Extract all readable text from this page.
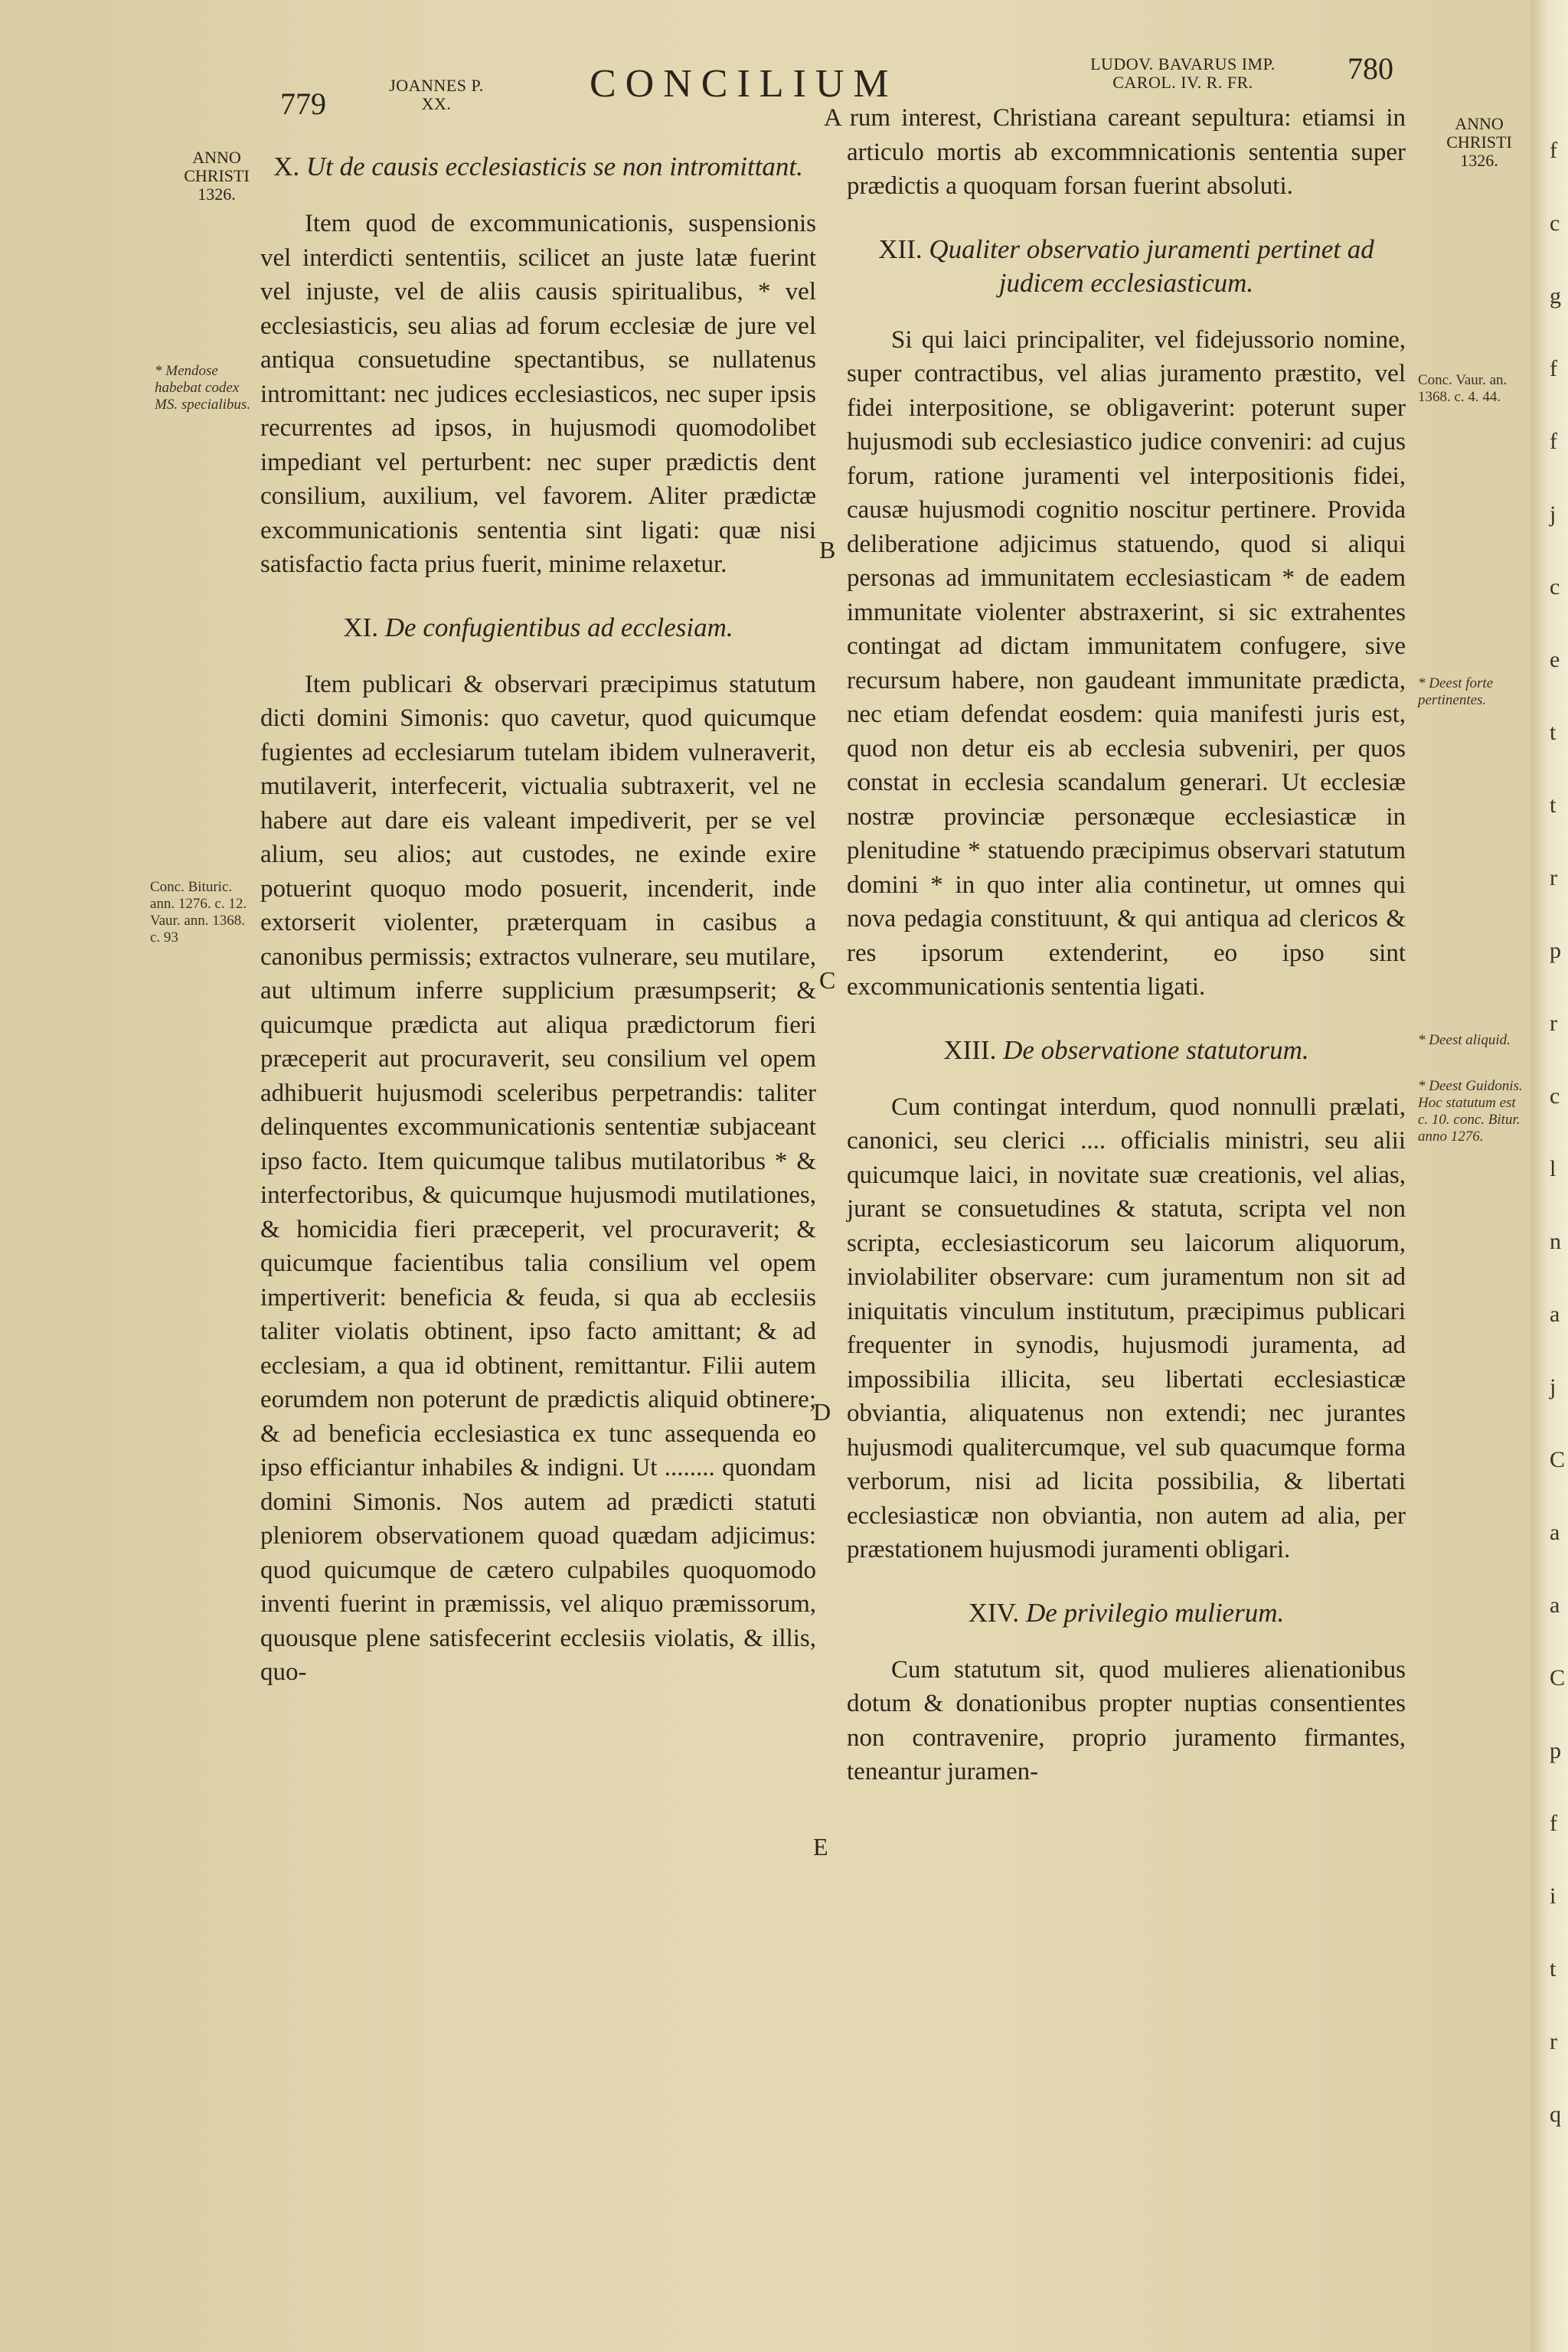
779
JOANNES P. XX.	CONCILIUM	LUDOV. BAVARUS IMP.
CAROL. IV. R. FR.	780
ANNO CHRISTI 1326.
* Mendose habebat codex MS. specialibus.
Conc. Bituric. ann. 1276. c. 12. Vaur. ann. 1368. c. 93
ANNO CHRISTI 1326.
Conc. Vaur. an. 1368. c. 4. 44.
* Deest forte pertinentes.
* Deest aliquid.
* Deest Guidonis. Hoc statutum est c. 10. conc. Bitur. anno 1276.
B
C
D
E
X. Ut de causis ecclesiasticis se non intromittant.

Item quod de excommunicationis, suspensionis vel interdicti sententiis, scilicet an juste latæ fuerint vel injuste, vel de aliis causis spiritualibus, * vel ecclesiasticis, seu alias ad forum ecclesiæ de jure vel antiqua consuetudine spectantibus, se nullatenus intromittant: nec judices ecclesiasticos, nec super ipsis recurrentes ad ipsos, in hujusmodi quomodolibet impediant vel perturbent: nec super prædictis dent consilium, auxilium, vel favorem. Aliter prædictæ excommunicationis sententia sint ligati: quæ nisi satisfactio facta prius fuerit, minime relaxetur.

XI. De confugientibus ad ecclesiam.

Item publicari & observari præcipimus statutum dicti domini Simonis: quo cavetur, quod quicumque fugientes ad ecclesiarum tutelam ibidem vulneraverit, mutilaverit, interfecerit, victualia subtraxerit, vel ne habere aut dare eis valeant impediverit, per se vel alium, seu alios; aut custodes, ne exinde exire potuerint quoquo modo posuerit, incenderit, inde extorserit violenter, præterquam in casibus a canonibus permissis; extractos vulnerare, seu mutilare, aut ultimum inferre supplicium præsumpserit; & quicumque prædicta aut aliqua prædictorum fieri præceperit aut procuraverit, seu consilium vel opem adhibuerit hujusmodi sceleribus perpetrandis: taliter delinquentes excommunicationis sententiæ subjaceant ipso facto. Item quicumque talibus mutilatoribus * & interfectoribus, & quicumque hujusmodi mutilationes, & homicidia fieri præceperit, vel procuraverit; & quicumque facientibus talia consilium vel opem impertiverit: beneficia & feuda, si qua ab ecclesiis taliter violatis obtinent, ipso facto amittant; & ad ecclesiam, a qua id obtinent, remittantur. Filii autem eorumdem non poterunt de prædictis aliquid obtinere; & ad beneficia ecclesiastica ex tunc assequenda eo ipso efficiantur inhabiles & indigni. Ut ........ quondam domini Simonis. Nos autem ad prædicti statuti pleniorem observationem quoad quædam adjicimus: quod quicumque de cætero culpabiles quoquomodo inventi fuerint in præmissis, vel aliquo præmissorum, quousque plene satisfecerint ecclesiis violatis, & illis, quo-

A rum interest, Christiana careant sepultura: etiamsi in articulo mortis ab excommnicationis sententia super prædictis a quoquam forsan fuerint absoluti.

XII. Qualiter observatio juramenti pertinet ad judicem ecclesiasticum.

Si qui laici principaliter, vel fidejussorio nomine, super contractibus, vel alias juramento præstito, vel fidei interpositione, se obligaverint: poterunt super hujusmodi sub ecclesiastico judice conveniri: ad cujus forum, ratione juramenti vel interpositionis fidei, causæ hujusmodi cognitio noscitur pertinere. Provida deliberatione adjicimus statuendo, quod si aliqui personas ad immunitatem ecclesiasticam * de eadem immunitate violenter abstraxerint, si sic extrahentes contingat ad dictam immunitatem confugere, sive recursum habere, non gaudeant immunitate prædicta, nec etiam defendat eosdem: quia manifesti juris est, quod non detur eis ab ecclesia subveniri, per quos constat in ecclesia scandalum generari. Ut ecclesiæ nostræ provinciæ personæque ecclesiasticæ in plenitudine * statuendo præcipimus observari statutum domini * in quo inter alia continetur, ut omnes qui nova pedagia constituunt, & qui antiqua ad clericos & res ipsorum extenderint, eo ipso sint excommunicationis sententia ligati.

XIII. De observatione statutorum.

Cum contingat interdum, quod nonnulli prælati, canonici, seu clerici .... officialis ministri, seu alii quicumque laici, in novitate suæ creationis, vel alias, jurant se consuetudines & statuta, scripta vel non scripta, ecclesiasticorum seu laicorum aliquorum, inviolabiliter observare: cum juramentum non sit ad iniquitatis vinculum institutum, præcipimus publicari frequenter in synodis, hujusmodi juramenta, ad impossibilia illicita, seu libertati ecclesiasticæ obviantia, aliquatenus non extendi; nec jurantes hujusmodi qualitercumque, vel sub quacumque forma verborum, nisi ad licita possibilia, & libertati ecclesiasticæ non obviantia, non autem ad alia, per præstationem hujusmodi juramenti obligari.

XIV. De privilegio mulierum.

Cum statutum sit, quod mulieres alienationibus dotum & donationibus propter nuptias consentientes non contravenire, proprio juramento firmantes, teneantur juramen-

f
c
g
f
f
j
c
e
t
t
r
p
r
c
l
n
a
j
C
a
a
C
p
f
i
t
r
q
